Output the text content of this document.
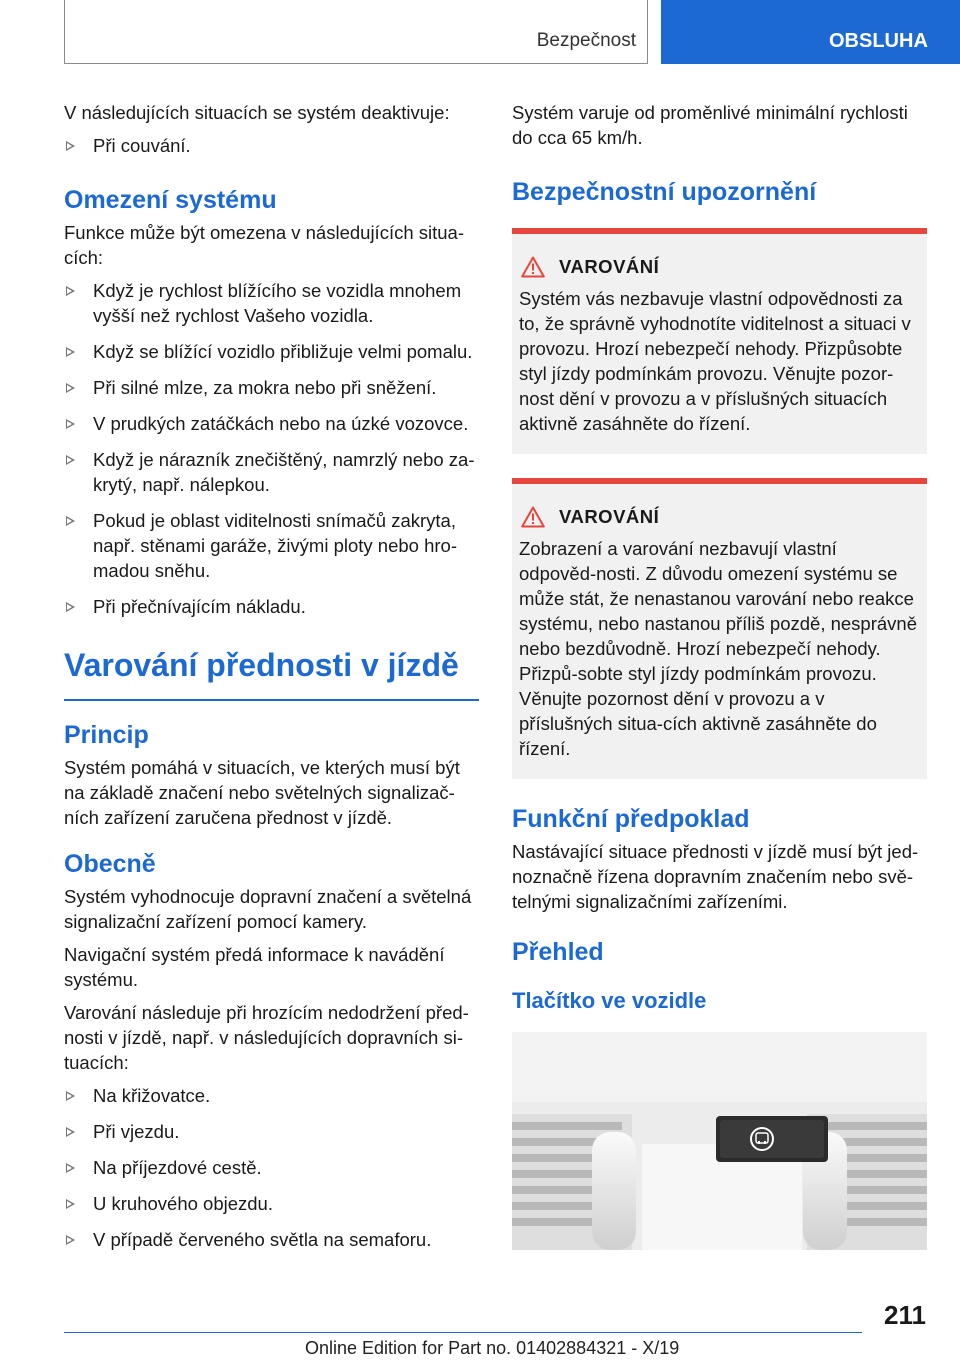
Bezpečnost	OBSLUHA

V následujících situacích se systém deaktivuje:

Při couvání.
Omezení systému

Funkce může být omezena v následujících situa-cích:

Když je rychlost blížícího se vozidla mnohem vyšší než rychlost Vašeho vozidla.
Když se blížící vozidlo přibližuje velmi pomalu.
Při silné mlze, za mokra nebo při sněžení.
V prudkých zatáčkách nebo na úzké vozovce.
Když je nárazník znečištěný, namrzlý nebo za-krytý, např. nálepkou.
Pokud je oblast viditelnosti snímačů zakryta, např. stěnami garáže, živými ploty nebo hro-madou sněhu.
Při přečnívajícím nákladu.
Varování přednosti v jízdě
Princip

Systém pomáhá v situacích, ve kterých musí být na základě značení nebo světelných signalizač-ních zařízení zaručena přednost v jízdě.

Obecně

Systém vyhodnocuje dopravní značení a světelná signalizační zařízení pomocí kamery.

Navigační systém předá informace k navádění systému.

Varování následuje při hrozícím nedodržení před-nosti v jízdě, např. v následujících dopravních si-tuacích:

Na křižovatce.
Při vjezdu.
Na příjezdové cestě.
U kruhového objezdu.
V případě červeného světla na semaforu.

Systém varuje od proměnlivé minimální rychlosti do cca 65 km/h.

Bezpečnostní upozornění
VAROVÁNÍ

Systém vás nezbavuje vlastní odpovědnosti za to, že správně vyhodnotíte viditelnost a situaci v provozu. Hrozí nebezpečí nehody. Přizpůsobte styl jízdy podmínkám provozu. Věnujte pozor-nost dění v provozu a v příslušných situacích aktivně zasáhněte do řízení.

VAROVÁNÍ

Zobrazení a varování nezbavují vlastní odpověd-nosti. Z důvodu omezení systému se může stát, že nenastanou varování nebo reakce systému, nebo nastanou příliš pozdě, nesprávně nebo bezdůvodně. Hrozí nebezpečí nehody. Přizpů-sobte styl jízdy podmínkám provozu. Věnujte pozornost dění v provozu a v příslušných situa-cích aktivně zasáhněte do řízení.

Funkční předpoklad

Nastávající situace přednosti v jízdě musí být jed-noznačně řízena dopravním značením nebo svě-telnými signalizačními zařízeními.

Přehled
Tlačítko ve vozidle
211
Online Edition for Part no. 01402884321 - X/19
